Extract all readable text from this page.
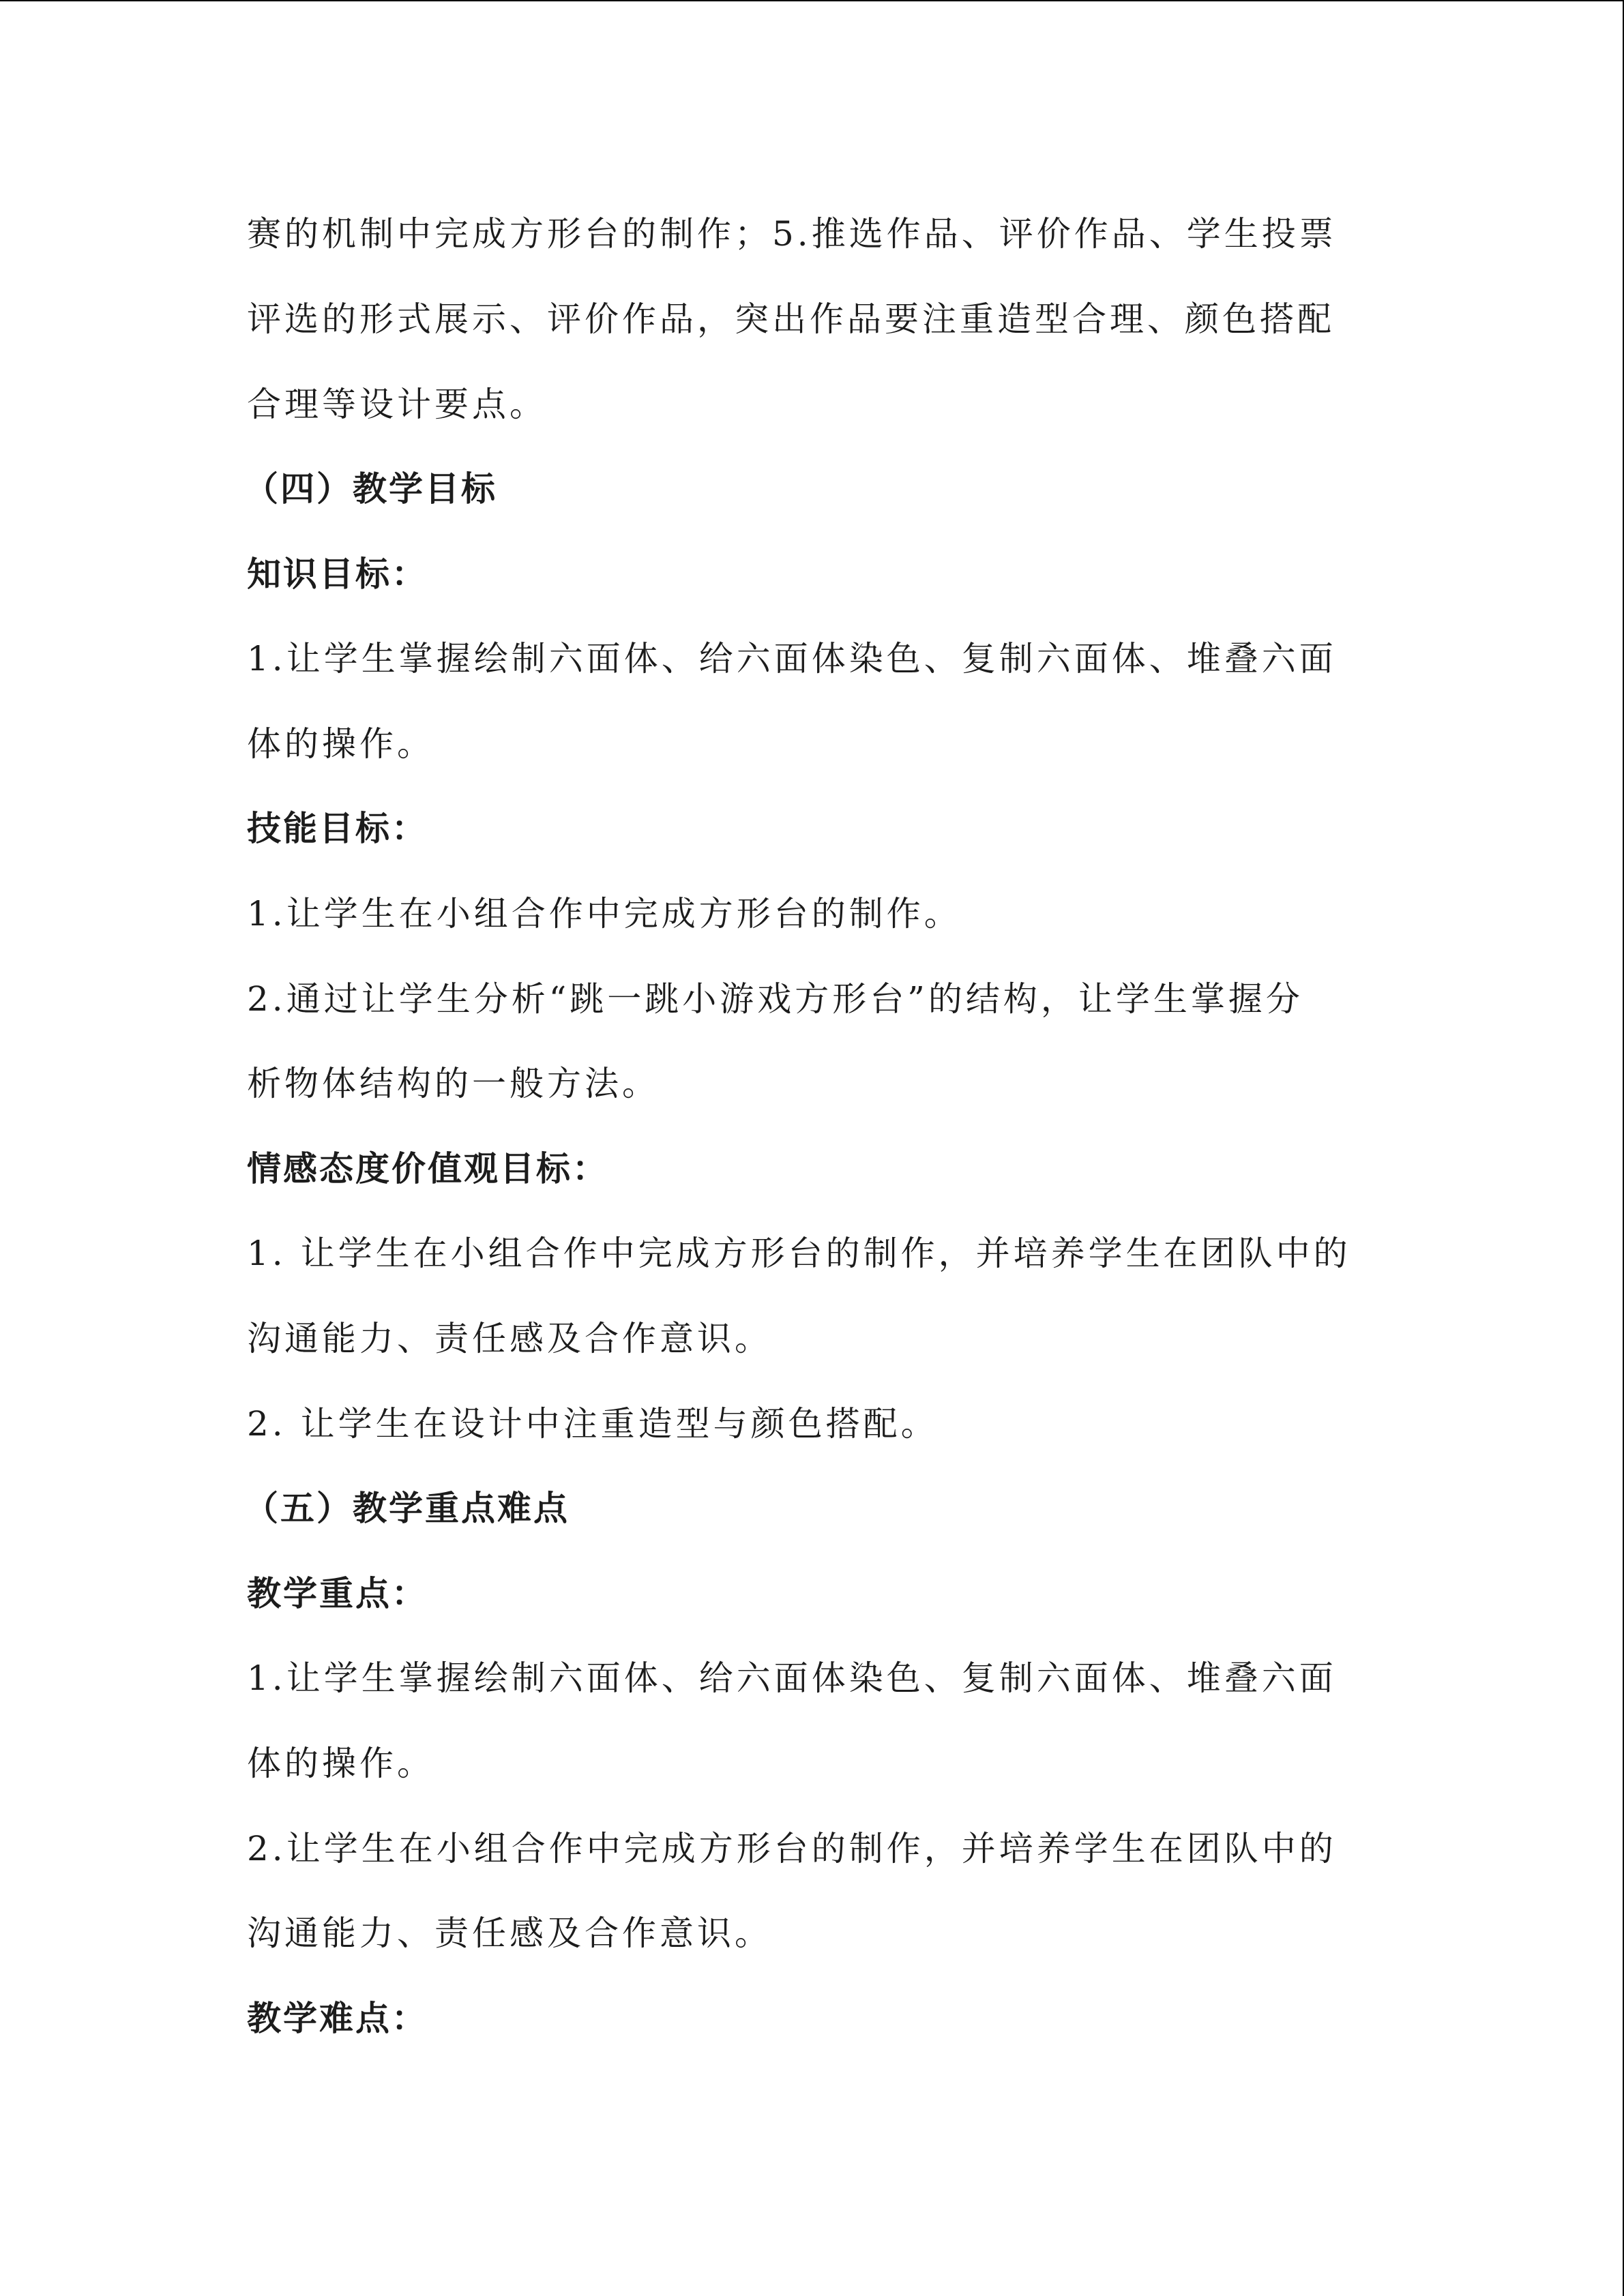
赛的机制中完成方形台的制作；5.推选作品、评价作品、学生投票
评选的形式展示、评价作品，突出作品要注重造型合理、颜色搭配
合理等设计要点。
（四）教学目标
知识目标：
1.让学生掌握绘制六面体、给六面体染色、复制六面体、堆叠六面
体的操作。
技能目标：
1.让学生在小组合作中完成方形台的制作。
2.通过让学生分析“跳一跳小游戏方形台”的结构，让学生掌握分
析物体结构的一般方法。
情感态度价值观目标：
1. 让学生在小组合作中完成方形台的制作，并培养学生在团队中的
沟通能力、责任感及合作意识。
2. 让学生在设计中注重造型与颜色搭配。
（五）教学重点难点
教学重点：
1.让学生掌握绘制六面体、给六面体染色、复制六面体、堆叠六面
体的操作。
2.让学生在小组合作中完成方形台的制作，并培养学生在团队中的
沟通能力、责任感及合作意识。
教学难点：
